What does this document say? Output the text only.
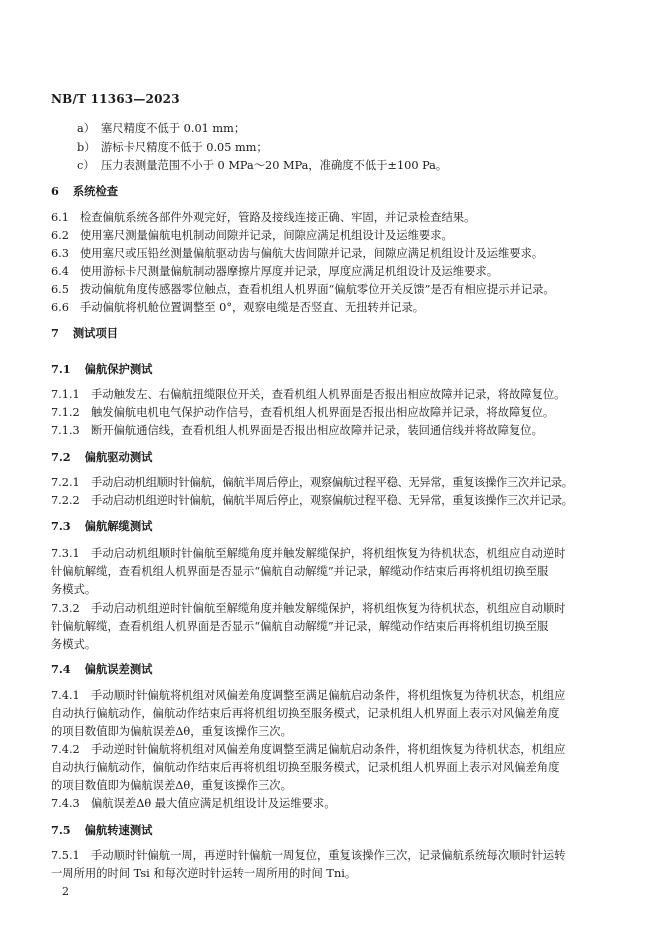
NB/T 11363—2023
a） 塞尺精度不低于 0.01 mm；
b） 游标卡尺精度不低于 0.05 mm；
c） 压力表测量范围不小于 0 MPa～20 MPa，准确度不低于±100 Pa。
6 系统检查
6.1 检查偏航系统各部件外观完好，管路及接线连接正确、牢固，并记录检查结果。
6.2 使用塞尺测量偏航电机制动间隙并记录，间隙应满足机组设计及运维要求。
6.3 使用塞尺或压铅丝测量偏航驱动齿与偏航大齿间隙并记录，间隙应满足机组设计及运维要求。
6.4 使用游标卡尺测量偏航制动器摩擦片厚度并记录，厚度应满足机组设计及运维要求。
6.5 拨动偏航角度传感器零位触点，查看机组人机界面“偏航零位开关反馈”是否有相应提示并记录。
6.6 手动偏航将机舱位置调整至 0°，观察电缆是否竖直、无扭转并记录。
7 测试项目
7.1 偏航保护测试
7.1.1 手动触发左、右偏航扭缆限位开关，查看机组人机界面是否报出相应故障并记录，将故障复位。
7.1.2 触发偏航电机电气保护动作信号，查看机组人机界面是否报出相应故障并记录，将故障复位。
7.1.3 断开偏航通信线，查看机组人机界面是否报出相应故障并记录，装回通信线并将故障复位。
7.2 偏航驱动测试
7.2.1 手动启动机组顺时针偏航，偏航半周后停止，观察偏航过程平稳、无异常，重复该操作三次并记录。
7.2.2 手动启动机组逆时针偏航，偏航半周后停止，观察偏航过程平稳、无异常，重复该操作三次并记录。
7.3 偏航解缆测试
7.3.1 手动启动机组顺时针偏航至解缆角度并触发解缆保护，将机组恢复为待机状态，机组应自动逆时
针偏航解缆，查看机组人机界面是否显示“偏航自动解缆”并记录，解缆动作结束后再将机组切换至服
务模式。
7.3.2 手动启动机组逆时针偏航至解缆角度并触发解缆保护，将机组恢复为待机状态，机组应自动顺时
针偏航解缆，查看机组人机界面是否显示“偏航自动解缆”并记录，解缆动作结束后再将机组切换至服
务模式。
7.4 偏航误差测试
7.4.1 手动顺时针偏航将机组对风偏差角度调整至满足偏航启动条件，将机组恢复为待机状态，机组应
自动执行偏航动作，偏航动作结束后再将机组切换至服务模式，记录机组人机界面上表示对风偏差角度
的项目数值即为偏航误差Δθ，重复该操作三次。
7.4.2 手动逆时针偏航将机组对风偏差角度调整至满足偏航启动条件，将机组恢复为待机状态，机组应
自动执行偏航动作，偏航动作结束后再将机组切换至服务模式，记录机组人机界面上表示对风偏差角度
的项目数值即为偏航误差Δθ，重复该操作三次。
7.4.3 偏航误差Δθ 最大值应满足机组设计及运维要求。
7.5 偏航转速测试
7.5.1 手动顺时针偏航一周，再逆时针偏航一周复位，重复该操作三次，记录偏航系统每次顺时针运转
一周所用的时间 Tsi 和每次逆时针运转一周所用的时间 Tni。
2
